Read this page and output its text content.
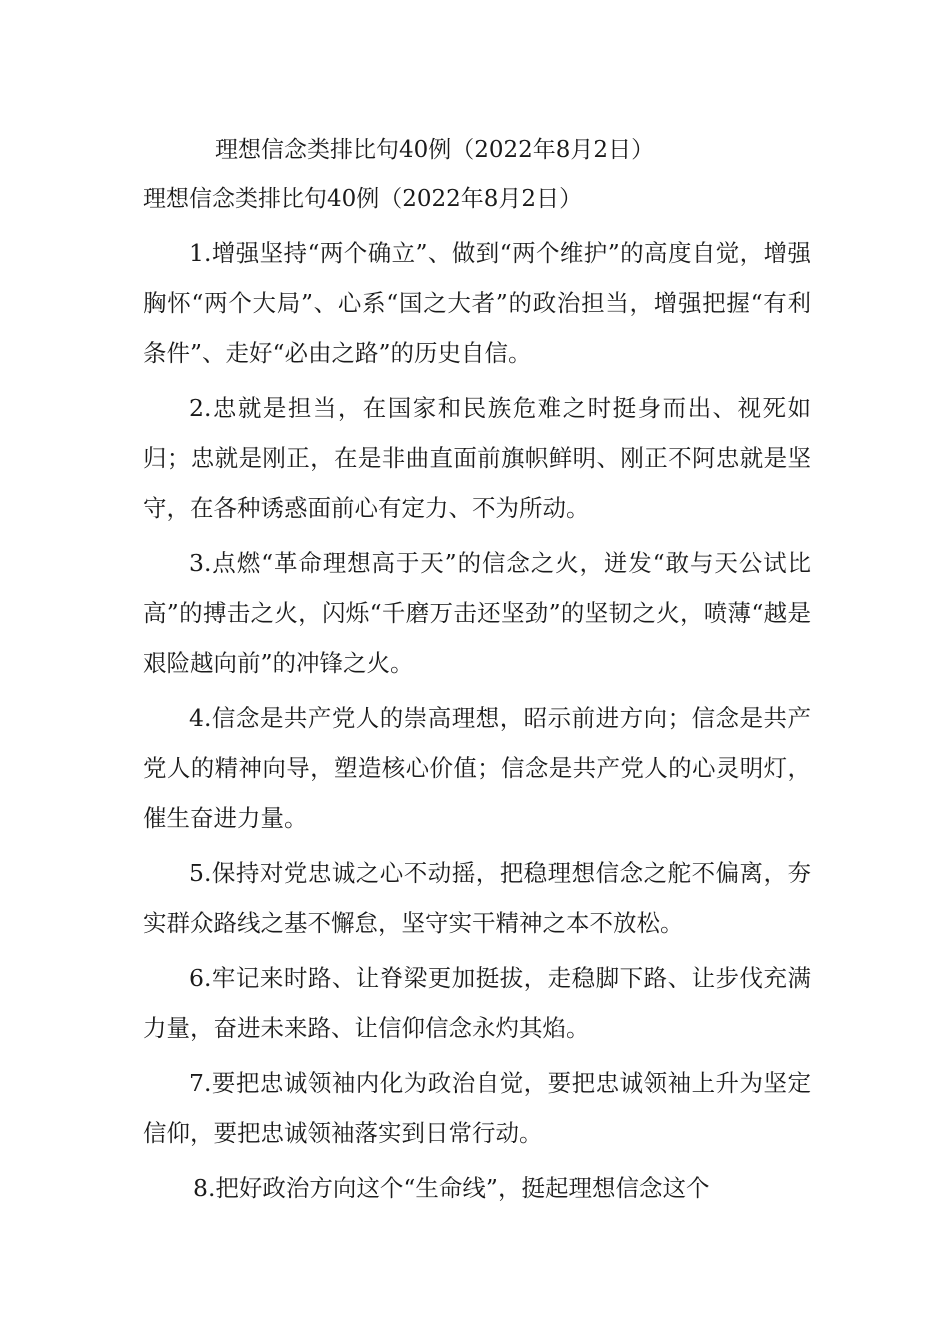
理想信念类排比句40例（2022年8月2日）
理想信念类排比句40例（2022年8月2日）

1.增强坚持“两个确立”、做到“两个维护”的高度自觉，增强胸怀“两个大局”、心系“国之大者”的政治担当，增强把握“有利条件”、走好“必由之路”的历史自信。

2.忠就是担当，在国家和民族危难之时挺身而出、视死如归；忠就是刚正，在是非曲直面前旗帜鲜明、刚正不阿忠就是坚守，在各种诱惑面前心有定力、不为所动。

3.点燃“革命理想高于天”的信念之火，迸发“敢与天公试比高”的搏击之火，闪烁“千磨万击还坚劲”的坚韧之火，喷薄“越是艰险越向前”的冲锋之火。

4.信念是共产党人的崇高理想，昭示前进方向；信念是共产党人的精神向导，塑造核心价值；信念是共产党人的心灵明灯，催生奋进力量。

5.保持对党忠诚之心不动摇，把稳理想信念之舵不偏离，夯实群众路线之基不懈怠，坚守实干精神之本不放松。

6.牢记来时路、让脊梁更加挺拔，走稳脚下路、让步伐充满力量，奋进未来路、让信仰信念永灼其焰。

7.要把忠诚领袖内化为政治自觉，要把忠诚领袖上升为坚定信仰，要把忠诚领袖落实到日常行动。

8.把好政治方向这个“生命线”，挺起理想信念这个
